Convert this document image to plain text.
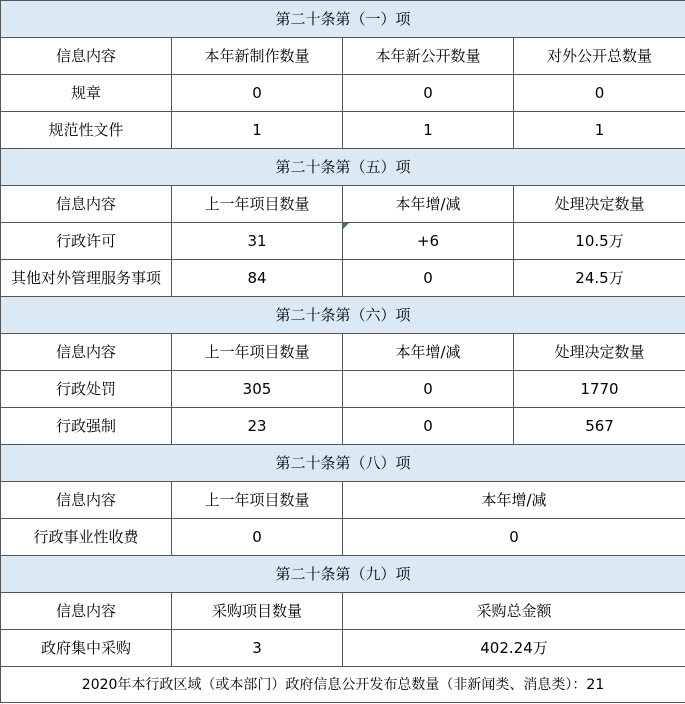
第二十条第（一）项			
信息内容	本年新制作数量	本年新公开数量	对外公开总数量
规章	0	0	0
规范性文件	1	1	1
第二十条第（五）项			
信息内容	上一年项目数量	本年增/减	处理决定数量
行政许可	31	+6	10.5万
其他对外管理服务事项	84	0	24.5万
第二十条第（六）项			
信息内容	上一年项目数量	本年增/减	处理决定数量
行政处罚	305	0	1770
行政强制	23	0	567
第二十条第（八）项			
信息内容	上一年项目数量	本年增/减	
行政事业性收费	0	0	
第二十条第（九）项			
信息内容	采购项目数量	采购总金额	
政府集中采购	3	402.24万	
2020年本行政区域（或本部门）政府信息公开发布总数量（非新闻类、消息类）：21			
